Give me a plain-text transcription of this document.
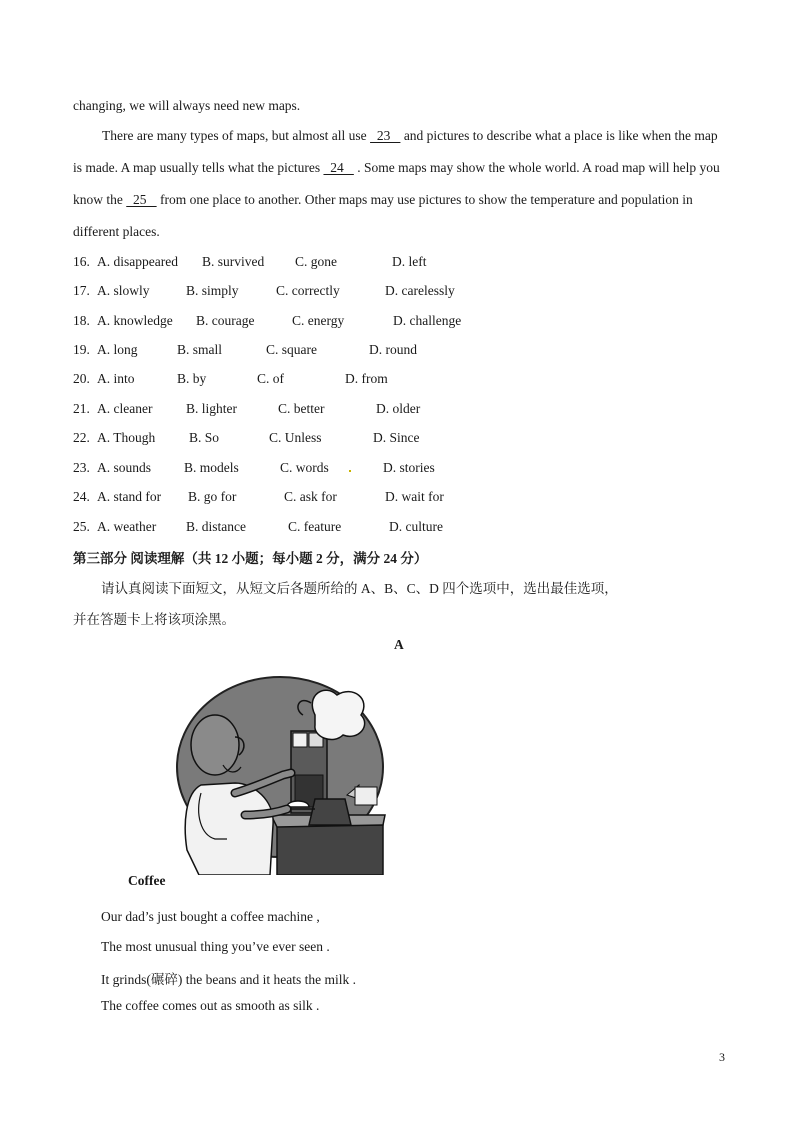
changing, we will always need new maps.

There are many types of maps, but almost all use   23    and pictures to describe what a place is like when the map is made. A map usually tells what the pictures   24    . Some maps may show the whole world. A road map will help you know the   25    from one place to another. Other maps may use pictures to show the temperature and population in different places.

16. A. disappeared B. survived C. gone	D. left
17. A. slowly	B. simply	C. correctly	D. carelessly
18. A. knowledge B. courage	C. energy	D. challenge
19. A. long	B. small	C. square	D. round
20. A. into	B. by	C. of	D. from
21. A. cleaner B. lighter	C. better	D. older
22. A. Though B. So	C. Unless	D. Since
23. A. sounds B. models	C. words	D. stories
24. A. stand for B. go for	C. ask for	D. wait for
25. A. weather B. distance	C. feature	D. culture
第三部分 阅读理解（共 12 小题；每小题 2 分，满分 24 分）
请认真阅读下面短文，从短文后各题所给的 A、B、C、D 四个选项中，选出最佳选项，
并在答题卡上将该项涂黑。
A
Coffee
Our dad’s just bought a coffee machine ,
The most unusual thing you’ve ever seen .
It grinds(碾碎) the beans and it heats the milk .
The coffee comes out as smooth as silk .
3
